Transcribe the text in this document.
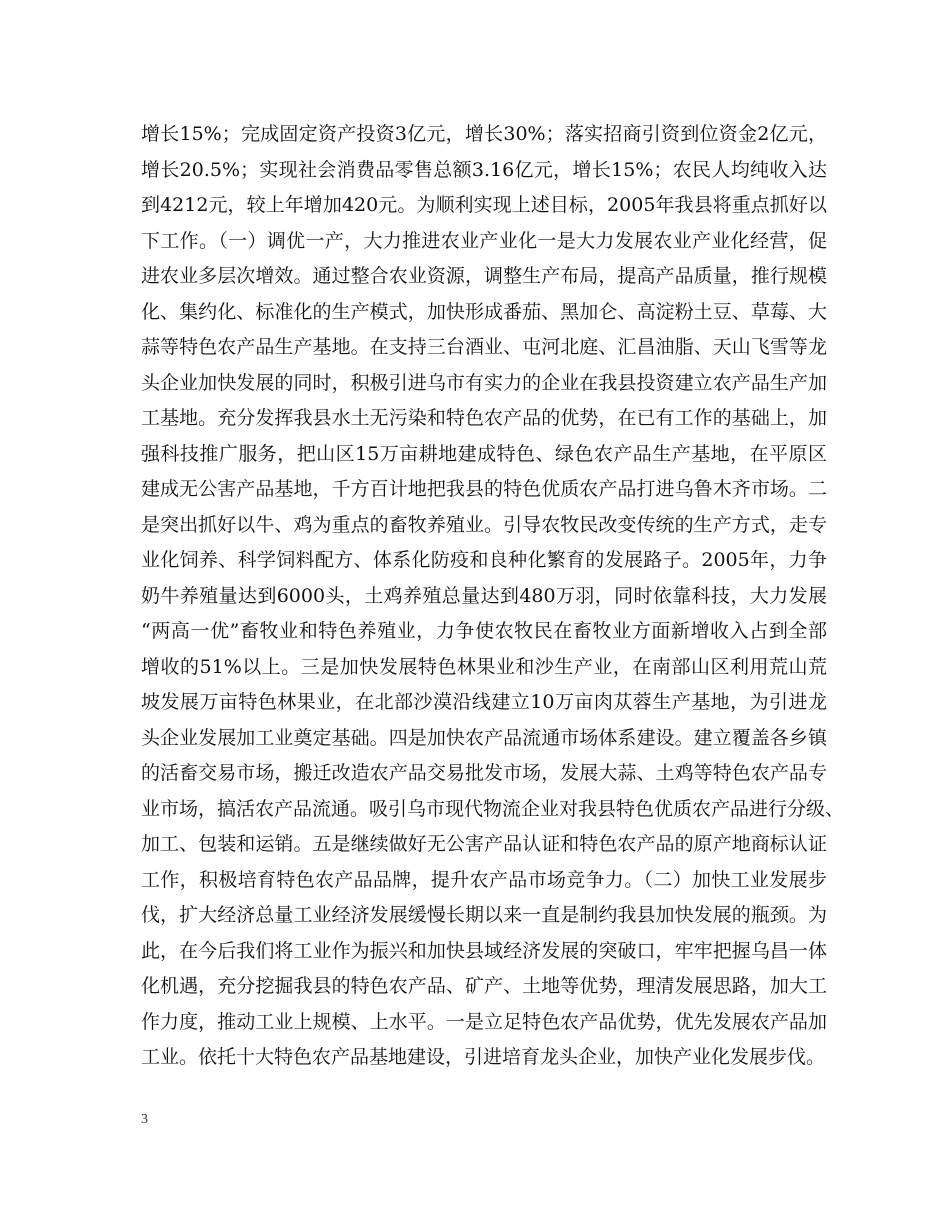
增长15%；完成固定资产投资3亿元，增长30%；落实招商引资到位资金2亿元，
增长20.5%；实现社会消费品零售总额3.16亿元，增长15%；农民人均纯收入达
到4212元，较上年增加420元。为顺利实现上述目标，2005年我县将重点抓好以
下工作。（一）调优一产，大力推进农业产业化一是大力发展农业产业化经营，促
进农业多层次增效。通过整合农业资源，调整生产布局，提高产品质量，推行规模
化、集约化、标准化的生产模式，加快形成番茄、黑加仑、高淀粉土豆、草莓、大
蒜等特色农产品生产基地。在支持三台酒业、屯河北庭、汇昌油脂、天山飞雪等龙
头企业加快发展的同时，积极引进乌市有实力的企业在我县投资建立农产品生产加
工基地。充分发挥我县水土无污染和特色农产品的优势，在已有工作的基础上，加
强科技推广服务，把山区15万亩耕地建成特色、绿色农产品生产基地，在平原区
建成无公害产品基地，千方百计地把我县的特色优质农产品打进乌鲁木齐市场。二
是突出抓好以牛、鸡为重点的畜牧养殖业。引导农牧民改变传统的生产方式，走专
业化饲养、科学饲料配方、体系化防疫和良种化繁育的发展路子。2005年，力争
奶牛养殖量达到6000头，土鸡养殖总量达到480万羽，同时依靠科技，大力发展
“两高一优”畜牧业和特色养殖业，力争使农牧民在畜牧业方面新增收入占到全部
增收的51%以上。三是加快发展特色林果业和沙生产业，在南部山区利用荒山荒
坡发展万亩特色林果业，在北部沙漠沿线建立10万亩肉苁蓉生产基地，为引进龙
头企业发展加工业奠定基础。四是加快农产品流通市场体系建设。建立覆盖各乡镇
的活畜交易市场，搬迁改造农产品交易批发市场，发展大蒜、土鸡等特色农产品专
业市场，搞活农产品流通。吸引乌市现代物流企业对我县特色优质农产品进行分级、
加工、包装和运销。五是继续做好无公害产品认证和特色农产品的原产地商标认证
工作，积极培育特色农产品品牌，提升农产品市场竞争力。（二）加快工业发展步
伐，扩大经济总量工业经济发展缓慢长期以来一直是制约我县加快发展的瓶颈。为
此，在今后我们将工业作为振兴和加快县域经济发展的突破口，牢牢把握乌昌一体
化机遇，充分挖掘我县的特色农产品、矿产、土地等优势，理清发展思路，加大工
作力度，推动工业上规模、上水平。一是立足特色农产品优势，优先发展农产品加
工业。依托十大特色农产品基地建设，引进培育龙头企业，加快产业化发展步伐。
3
